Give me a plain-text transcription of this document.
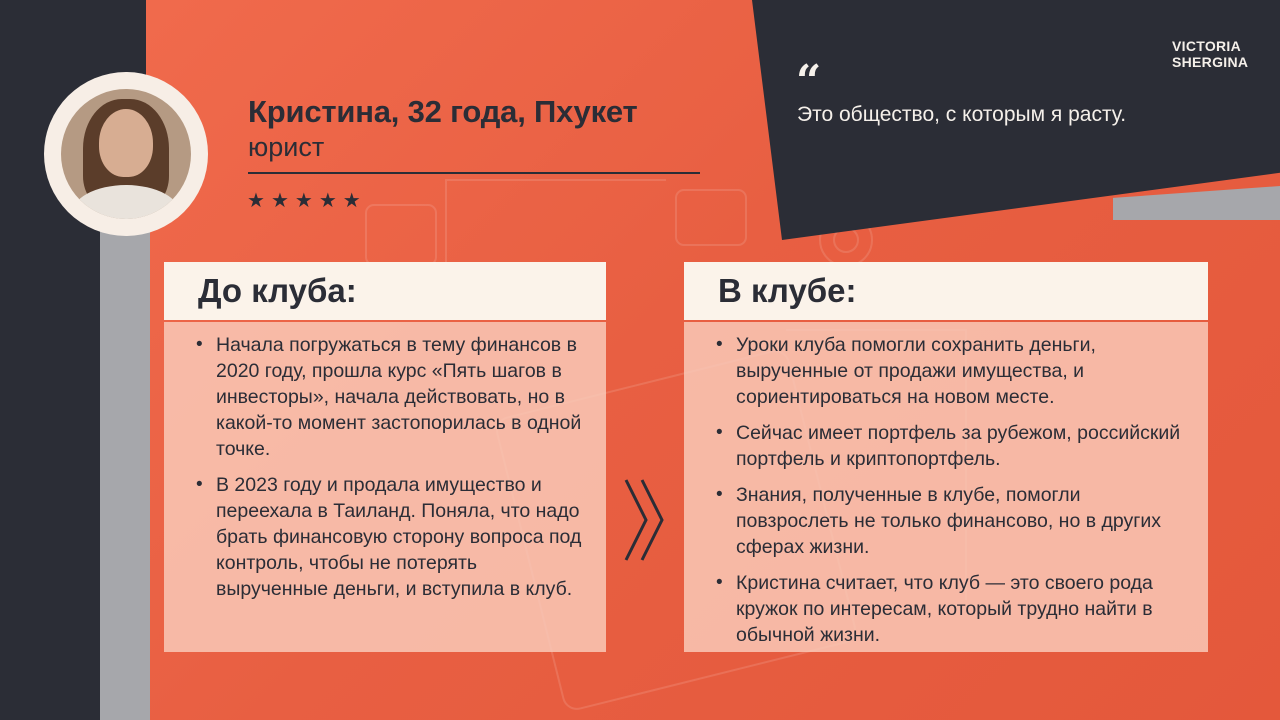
VICTORIA
SHERGINA
Кристина, 32 года, Пхукет
юрист
★ ★ ★ ★ ★
“
Это общество, с которым я расту.
До клуба:
• Начала погружаться в тему финансов в 2020 году, прошла курс «Пять шагов в инвесторы», начала действовать, но в какой-то момент застопорилась в одной точке.
• В 2023 году и продала имущество и переехала в Таиланд. Поняла, что надо брать финансовую сторону вопроса под контроль, чтобы не потерять вырученные деньги, и вступила в клуб.
В клубе:
• Уроки клуба помогли сохранить деньги, вырученные от продажи имущества, и сориентироваться на новом месте.
• Сейчас имеет портфель за рубежом, российский портфель и криптопортфель.
• Знания, полученные в клубе, помогли повзрослеть не только финансово, но в других сферах жизни.
• Кристина считает, что клуб — это своего рода кружок по интересам, который трудно найти в обычной жизни.
